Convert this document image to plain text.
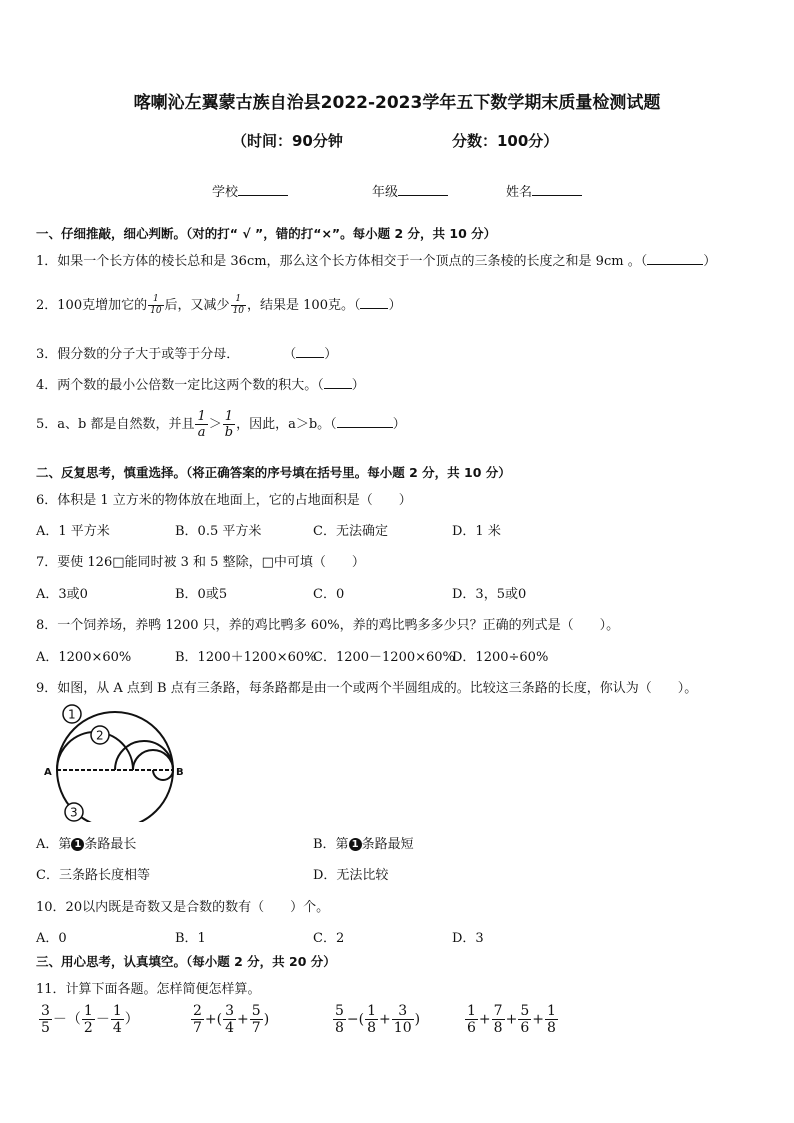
喀喇沁左翼蒙古族自治县2022-2023学年五下数学期末质量检测试题
（时间：90分钟	分数：100分）
学校	年级	姓名
一、仔细推敲，细心判断。（对的打“ √ ”，错的打“×”。每小题 2 分，共 10 分）
1．如果一个长方体的棱长总和是 36cm，那么这个长方体相交于一个顶点的三条棱的长度之和是 9cm 。（	）
2．100克增加它的 $\frac{1}{10}$ 后，又减少 $\frac{1}{10}$ ，结果是 100克。（ ）
3．假分数的分子大于或等于分母．	（ ）
4．两个数的最小公倍数一定比这两个数的积大。（ ）
5．a、b 都是自然数，并且 $\frac{1}{a} > \frac{1}{b}$ ，因此，a＞b。（	）
二、反复思考，慎重选择。（将正确答案的序号填在括号里。每小题 2 分，共 10 分）
6．体积是 1 立方米的物体放在地面上，它的占地面积是（　　）
A．1 平方米	B．0.5 平方米	C．无法确定	D．1 米
7．要使 126□能同时被 3 和 5 整除，□中可填（　　）
A．3或0	B．0或5	C．0	D．3，5或0
8．一个饲养场，养鸭 1200 只，养的鸡比鸭多 60%，养的鸡比鸭多多少只？正确的列式是（　　）。
A．1200×60%	B．1200＋1200×60%
C．1200－1200×60%
D．1200÷60%
9．如图，从 A 点到 B 点有三条路，每条路都是由一个或两个半圆组成的。比较这三条路的长度，你认为（　　）。
1
2
3
A	B
A．第 1 条路最长	B．第 1 条路最短
C．三条路长度相等	D．无法比较
10．20以内既是奇数又是合数的数有（　　）个。
A．0	B．1	C．2	D．3
三、用心思考，认真填空。（每小题 2 分，共 20 分）
11．计算下面各题。怎样简便怎样算。
$\frac{3}{5}$ －（ $\frac{1}{2} - \frac{1}{4}$ ）	$\frac{2}{7}$ +( $\frac{3}{4} + \frac{5}{7}$ )	$\frac{5}{8}$ −( $\frac{1}{8} + \frac{3}{10}$ )	$\frac{1}{6} + \frac{7}{8} + \frac{5}{6} + \frac{1}{8}$
